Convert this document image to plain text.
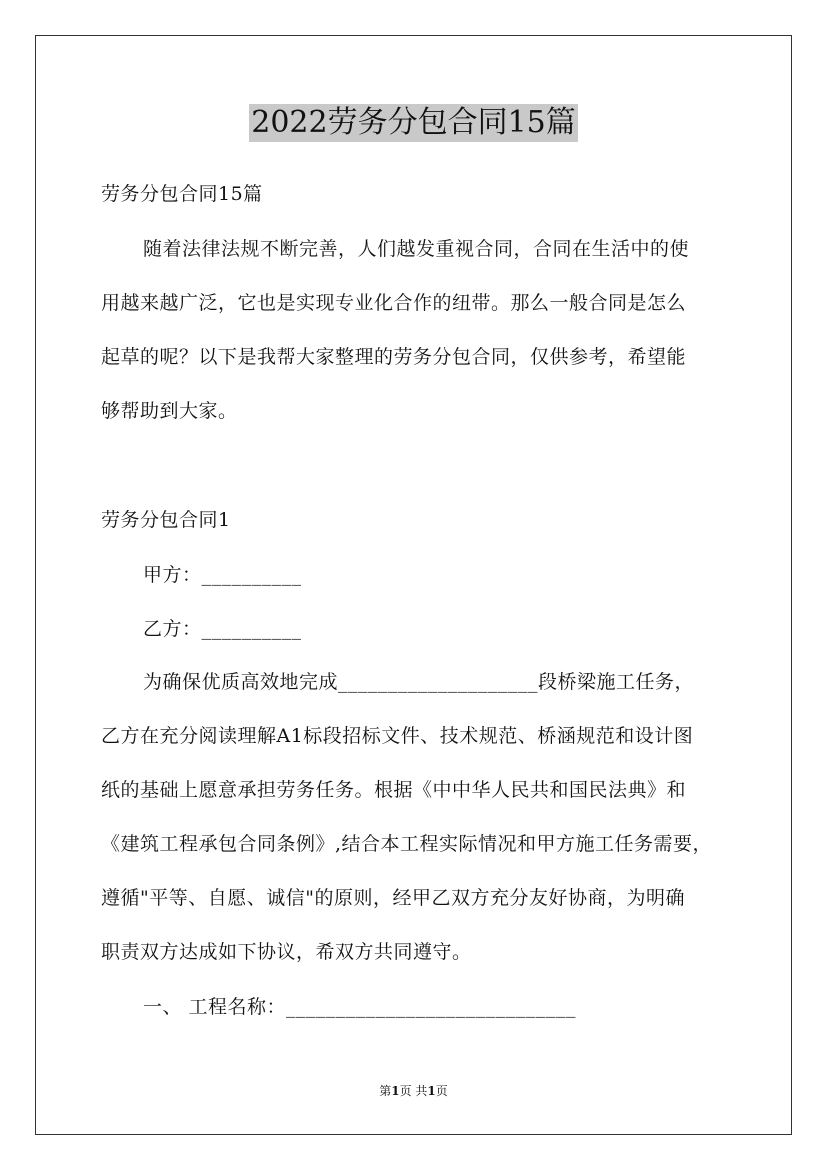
2022劳务分包合同15篇
劳务分包合同15篇
随着法律法规不断完善，人们越发重视合同，合同在生活中的使
用越来越广泛，它也是实现专业化合作的纽带。那么一般合同是怎么
起草的呢？以下是我帮大家整理的劳务分包合同，仅供参考，希望能
够帮助到大家。
劳务分包合同1
甲方：__________
乙方：__________
为确保优质高效地完成____________________段桥梁施工任务，
乙方在充分阅读理解A1标段招标文件、技术规范、桥涵规范和设计图
纸的基础上愿意承担劳务任务。根据《中中华人民共和国民法典》和
《建筑工程承包合同条例》,结合本工程实际情况和甲方施工任务需要，
遵循"平等、自愿、诚信"的原则，经甲乙双方充分友好协商，为明确
职责双方达成如下协议，希双方共同遵守。
一、 工程名称：_____________________________
第1页 共1页
